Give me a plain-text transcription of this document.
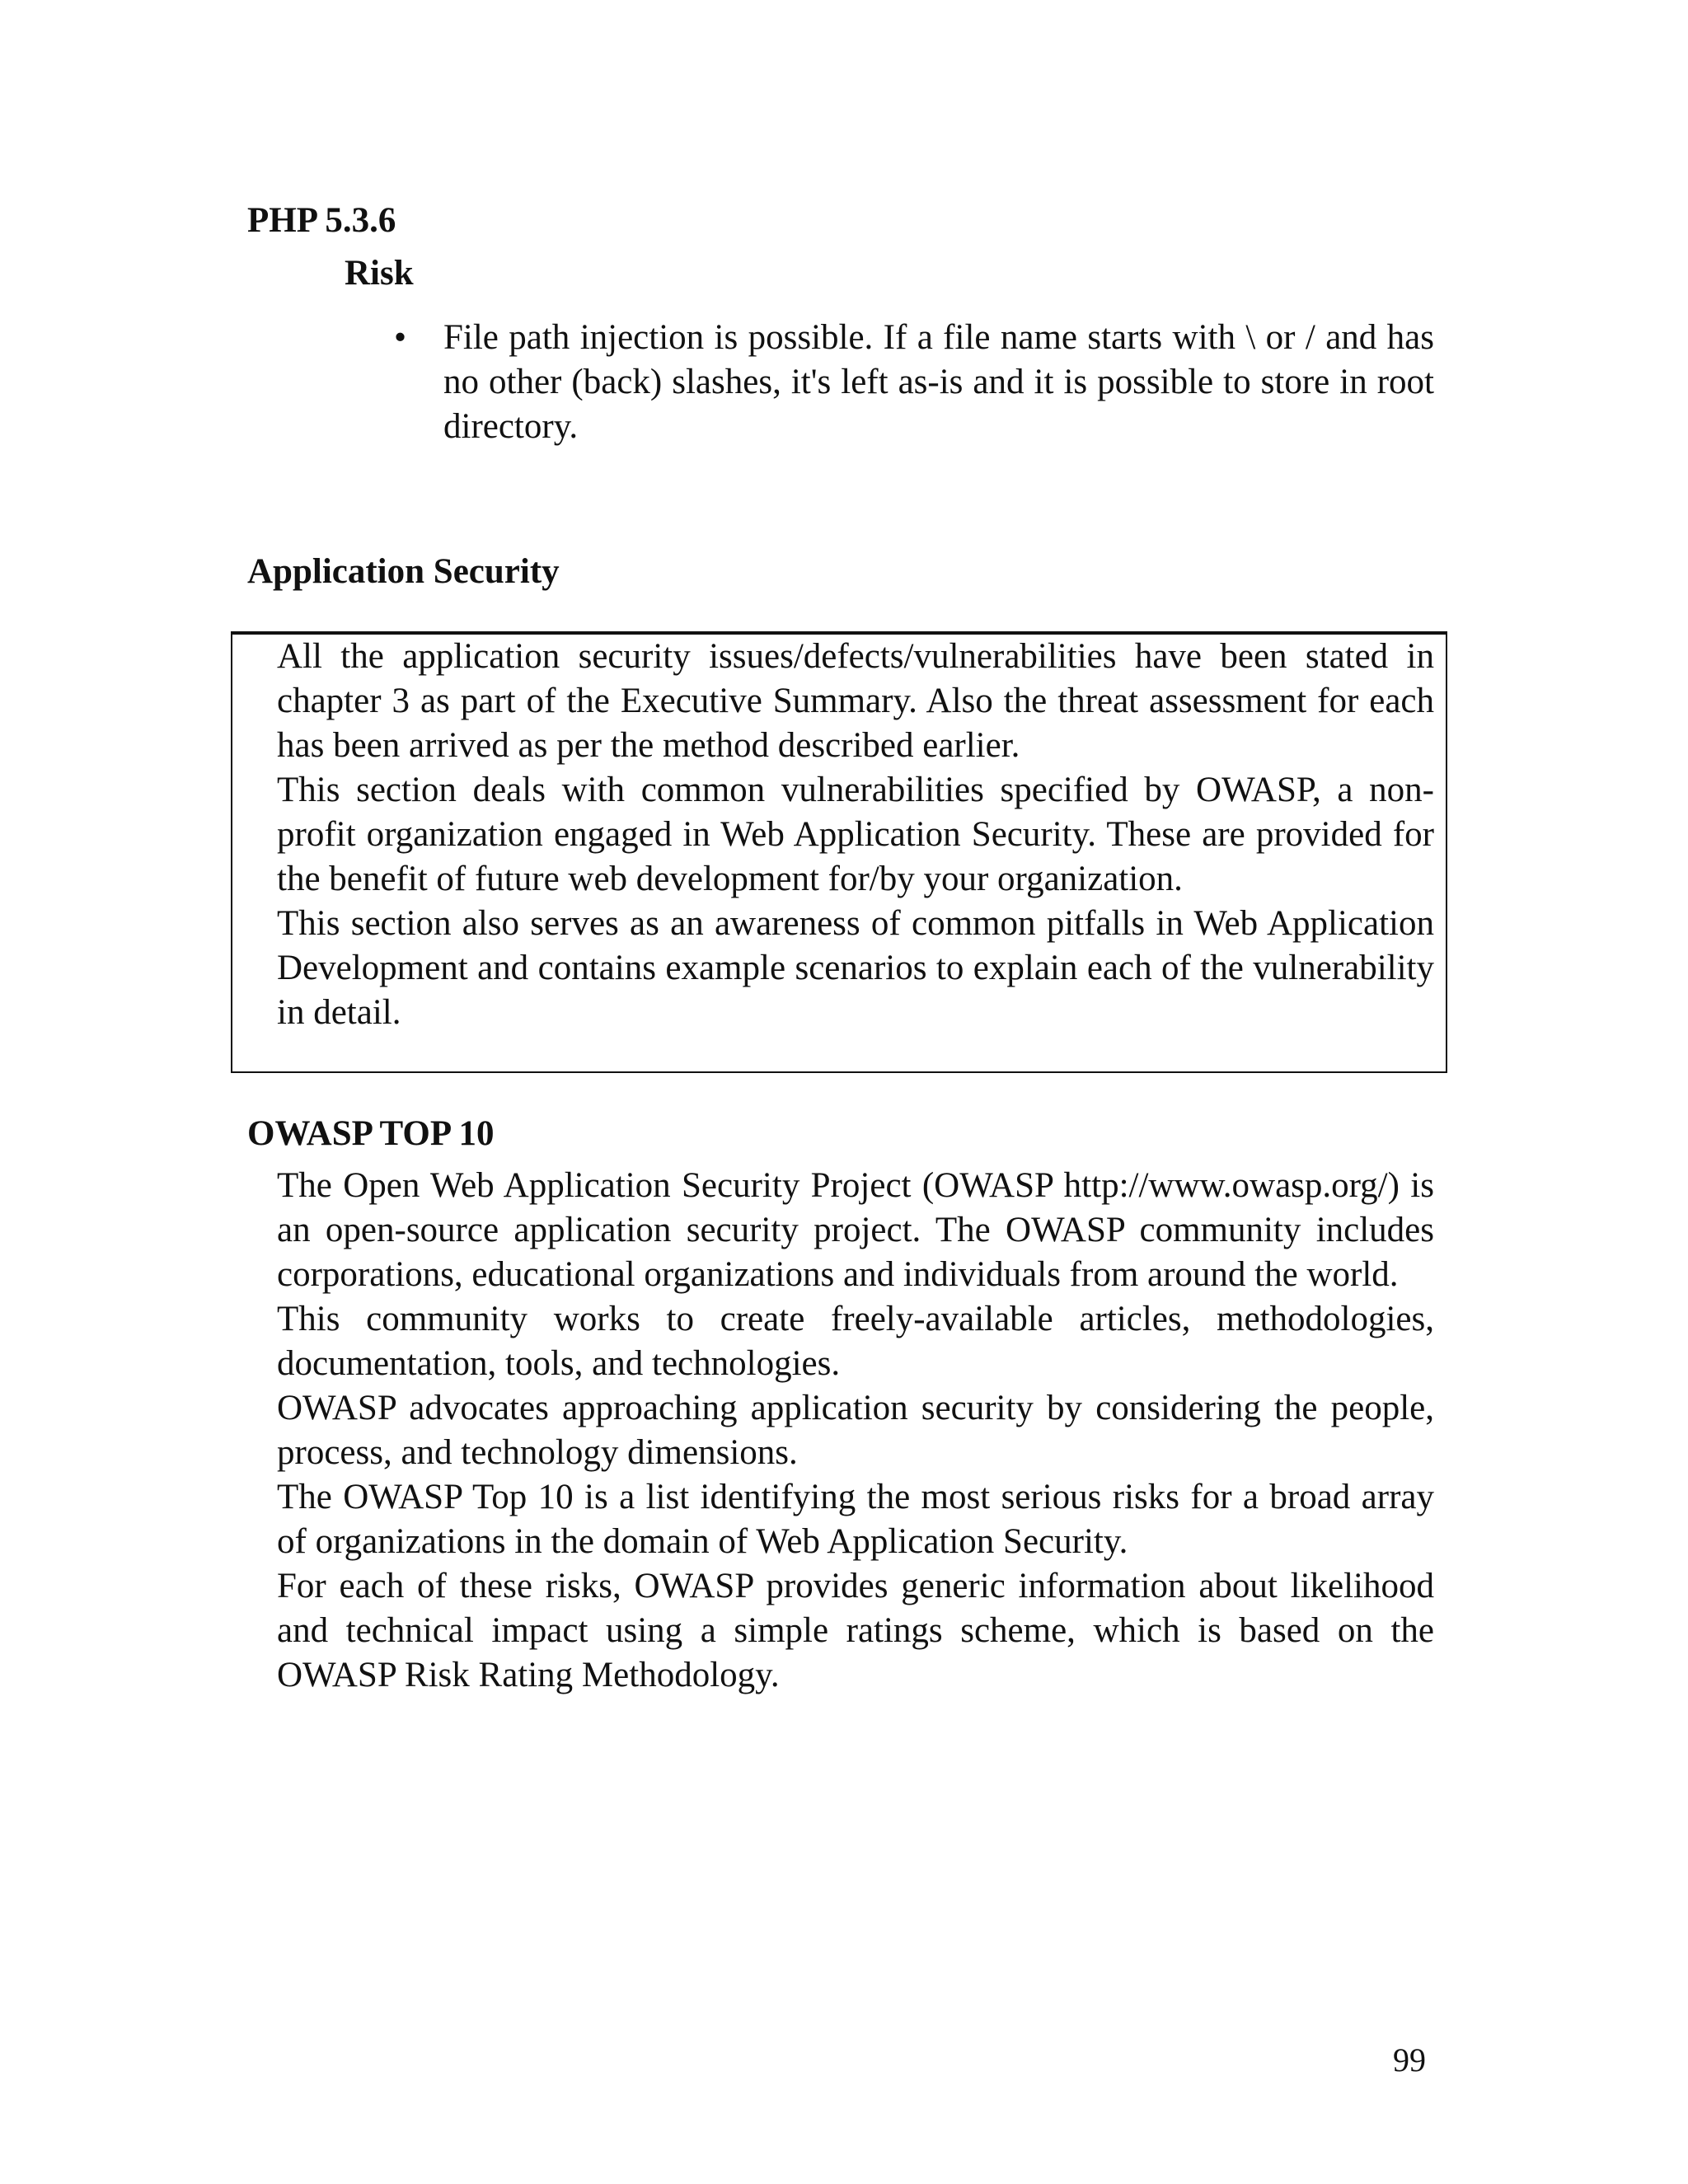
PHP 5.3.6
Risk
• File path injection is possible. If a file name starts with \ or / and has no other (back) slashes, it's left as-is and it is possible to store in root directory.

Application Security

All the application security issues/defects/vulnerabilities have been stated in chapter 3 as part of the Executive Summary. Also the threat assessment for each has been arrived as per the method described earlier.

This section deals with common vulnerabilities specified by OWASP, a non-profit organization engaged in Web Application Security. These are provided for the benefit of future web development for/by your organization.

This section also serves as an awareness of common pitfalls in Web Application Development and contains example scenarios to explain each of the vulnerability in detail.

OWASP TOP 10

The Open Web Application Security Project (OWASP http://www.owasp.org/) is an open-source application security project. The OWASP community includes corporations, educational organizations and individuals from around the world.

This community works to create freely-available articles, methodologies, documentation, tools, and technologies.

OWASP advocates approaching application security by considering the people, process, and technology dimensions.

The OWASP Top 10 is a list identifying the most serious risks for a broad array of organizations in the domain of Web Application Security.

For each of these risks, OWASP provides generic information about likelihood and technical impact using a simple ratings scheme, which is based on the OWASP Risk Rating Methodology.

99
